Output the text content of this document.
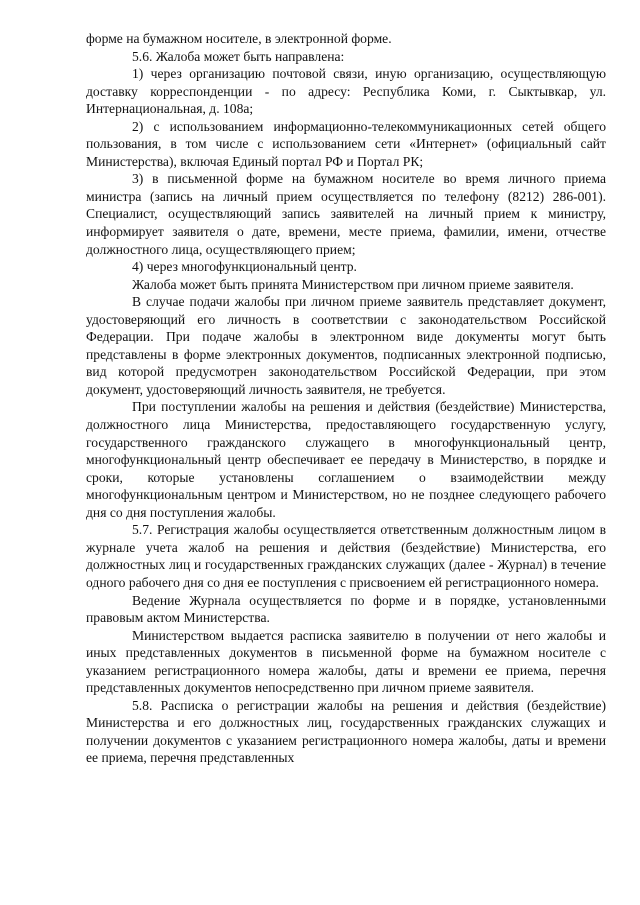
форме на бумажном носителе, в электронной форме.

5.6. Жалоба может быть направлена:

1) через организацию почтовой связи, иную организацию, осуществляющую доставку корреспонденции - по адресу: Республика Коми, г. Сыктывкар, ул. Интернациональная, д. 108а;

2) с использованием информационно-телекоммуникационных сетей общего пользования, в том числе с использованием сети «Интернет» (официальный сайт Министерства), включая Единый портал РФ и Портал РК;

3) в письменной форме на бумажном носителе во время личного приема министра (запись на личный прием осуществляется по телефону (8212) 286-001). Специалист, осуществляющий запись заявителей на личный прием к министру, информирует заявителя о дате, времени, месте приема, фамилии, имени, отчестве должностного лица, осуществляющего прием;

4) через многофункциональный центр.

Жалоба может быть принята Министерством при личном приеме заявителя.

В случае подачи жалобы при личном приеме заявитель представляет документ, удостоверяющий его личность в соответствии с законодательством Российской Федерации. При подаче жалобы в электронном виде документы могут быть представлены в форме электронных документов, подписанных электронной подписью, вид которой предусмотрен законодательством Российской Федерации, при этом документ, удостоверяющий личность заявителя, не требуется.

При поступлении жалобы на решения и действия (бездействие) Министерства, должностного лица Министерства, предоставляющего государственную услугу, государственного гражданского служащего в многофункциональный центр, многофункциональный центр обеспечивает ее передачу в Министерство, в порядке и сроки, которые установлены соглашением о взаимодействии между многофункциональным центром и Министерством, но не позднее следующего рабочего дня со дня поступления жалобы.

5.7. Регистрация жалобы осуществляется ответственным должностным лицом в журнале учета жалоб на решения и действия (бездействие) Министерства, его должностных лиц и государственных гражданских служащих (далее - Журнал) в течение одного рабочего дня со дня ее поступления с присвоением ей регистрационного номера.

Ведение Журнала осуществляется по форме и в порядке, установленными правовым актом Министерства.

Министерством выдается расписка заявителю в получении от него жалобы и иных представленных документов в письменной форме на бумажном носителе с указанием регистрационного номера жалобы, даты и времени ее приема, перечня представленных документов непосредственно при личном приеме заявителя.

5.8. Расписка о регистрации жалобы на решения и действия (бездействие) Министерства и его должностных лиц, государственных гражданских служащих и получении документов с указанием регистрационного номера жалобы, даты и времени ее приема, перечня представленных
